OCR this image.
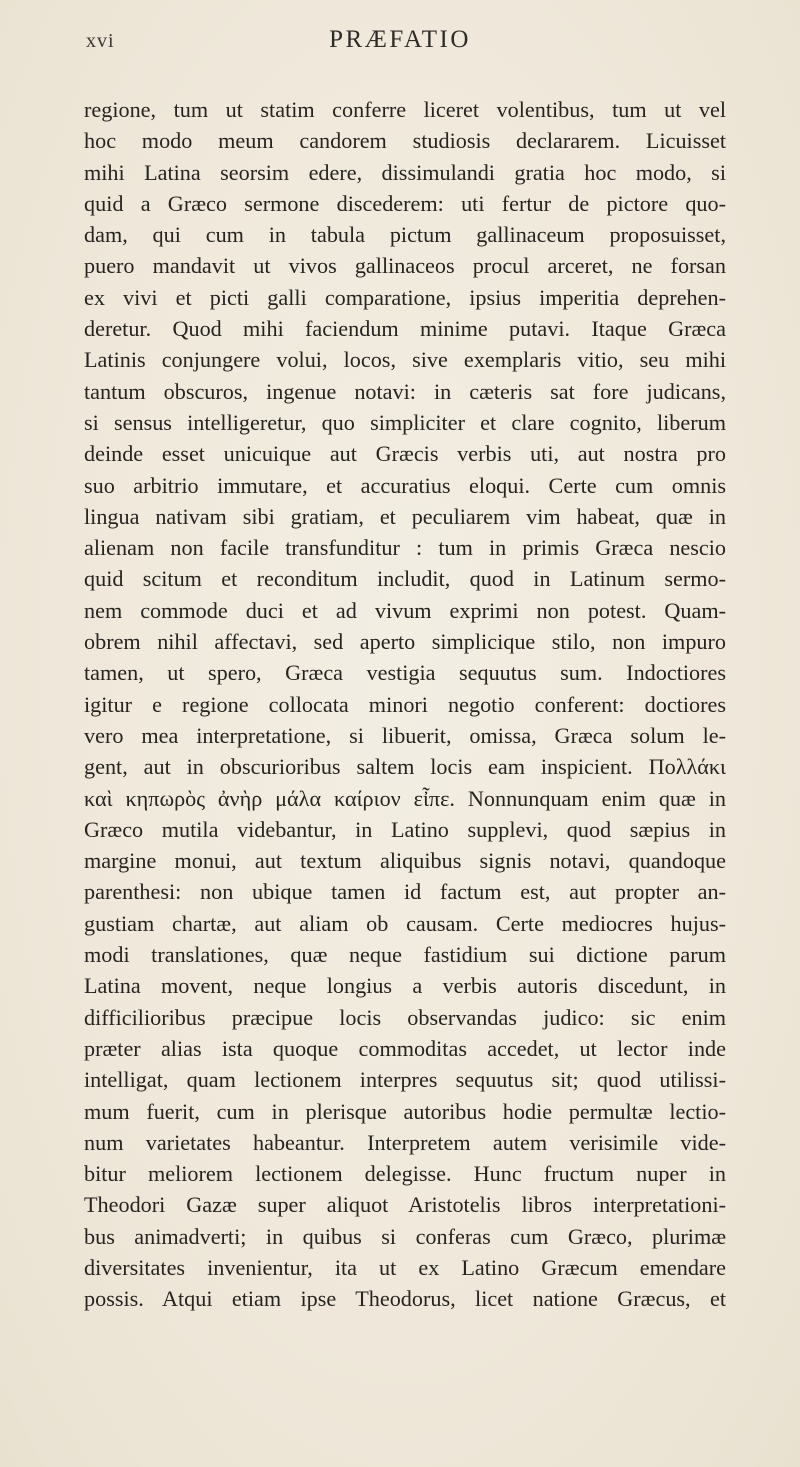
xvi	PRÆFATIO
regione, tum ut statim conferre liceret volentibus, tum ut vel
hoc modo meum candorem studiosis declararem. Licuisset
mihi Latina seorsim edere, dissimulandi gratia hoc modo, si
quid a Græco sermone discederem: uti fertur de pictore quo-
dam, qui cum in tabula pictum gallinaceum proposuisset,
puero mandavit ut vivos gallinaceos procul arceret, ne forsan
ex vivi et picti galli comparatione, ipsius imperitia deprehen-
deretur. Quod mihi faciendum minime putavi. Itaque Græca
Latinis conjungere volui, locos, sive exemplaris vitio, seu mihi
tantum obscuros, ingenue notavi: in cæteris sat fore judicans,
si sensus intelligeretur, quo simpliciter et clare cognito, liberum
deinde esset unicuique aut Græcis verbis uti, aut nostra pro
suo arbitrio immutare, et accuratius eloqui. Certe cum omnis
lingua nativam sibi gratiam, et peculiarem vim habeat, quæ in
alienam non facile transfunditur : tum in primis Græca nescio
quid scitum et reconditum includit, quod in Latinum sermo-
nem commode duci et ad vivum exprimi non potest. Quam-
obrem nihil affectavi, sed aperto simplicique stilo, non impuro
tamen, ut spero, Græca vestigia sequutus sum. Indoctiores
igitur e regione collocata minori negotio conferent: doctiores
vero mea interpretatione, si libuerit, omissa, Græca solum le-
gent, aut in obscurioribus saltem locis eam inspicient. Πολλάκι
καὶ κηπωρὸς ἀνὴρ μάλα καίριον εἶπε. Nonnunquam enim quæ in
Græco mutila videbantur, in Latino supplevi, quod sæpius in
margine monui, aut textum aliquibus signis notavi, quandoque
parenthesi: non ubique tamen id factum est, aut propter an-
gustiam chartæ, aut aliam ob causam. Certe mediocres hujus-
modi translationes, quæ neque fastidium sui dictione parum
Latina movent, neque longius a verbis autoris discedunt, in
difficilioribus præcipue locis observandas judico: sic enim
præter alias ista quoque commoditas accedet, ut lector inde
intelligat, quam lectionem interpres sequutus sit; quod utilissi-
mum fuerit, cum in plerisque autoribus hodie permultæ lectio-
num varietates habeantur. Interpretem autem verisimile vide-
bitur meliorem lectionem delegisse. Hunc fructum nuper in
Theodori Gazæ super aliquot Aristotelis libros interpretationi-
bus animadverti; in quibus si conferas cum Græco, plurimæ
diversitates invenientur, ita ut ex Latino Græcum emendare
possis. Atqui etiam ipse Theodorus, licet natione Græcus, et
